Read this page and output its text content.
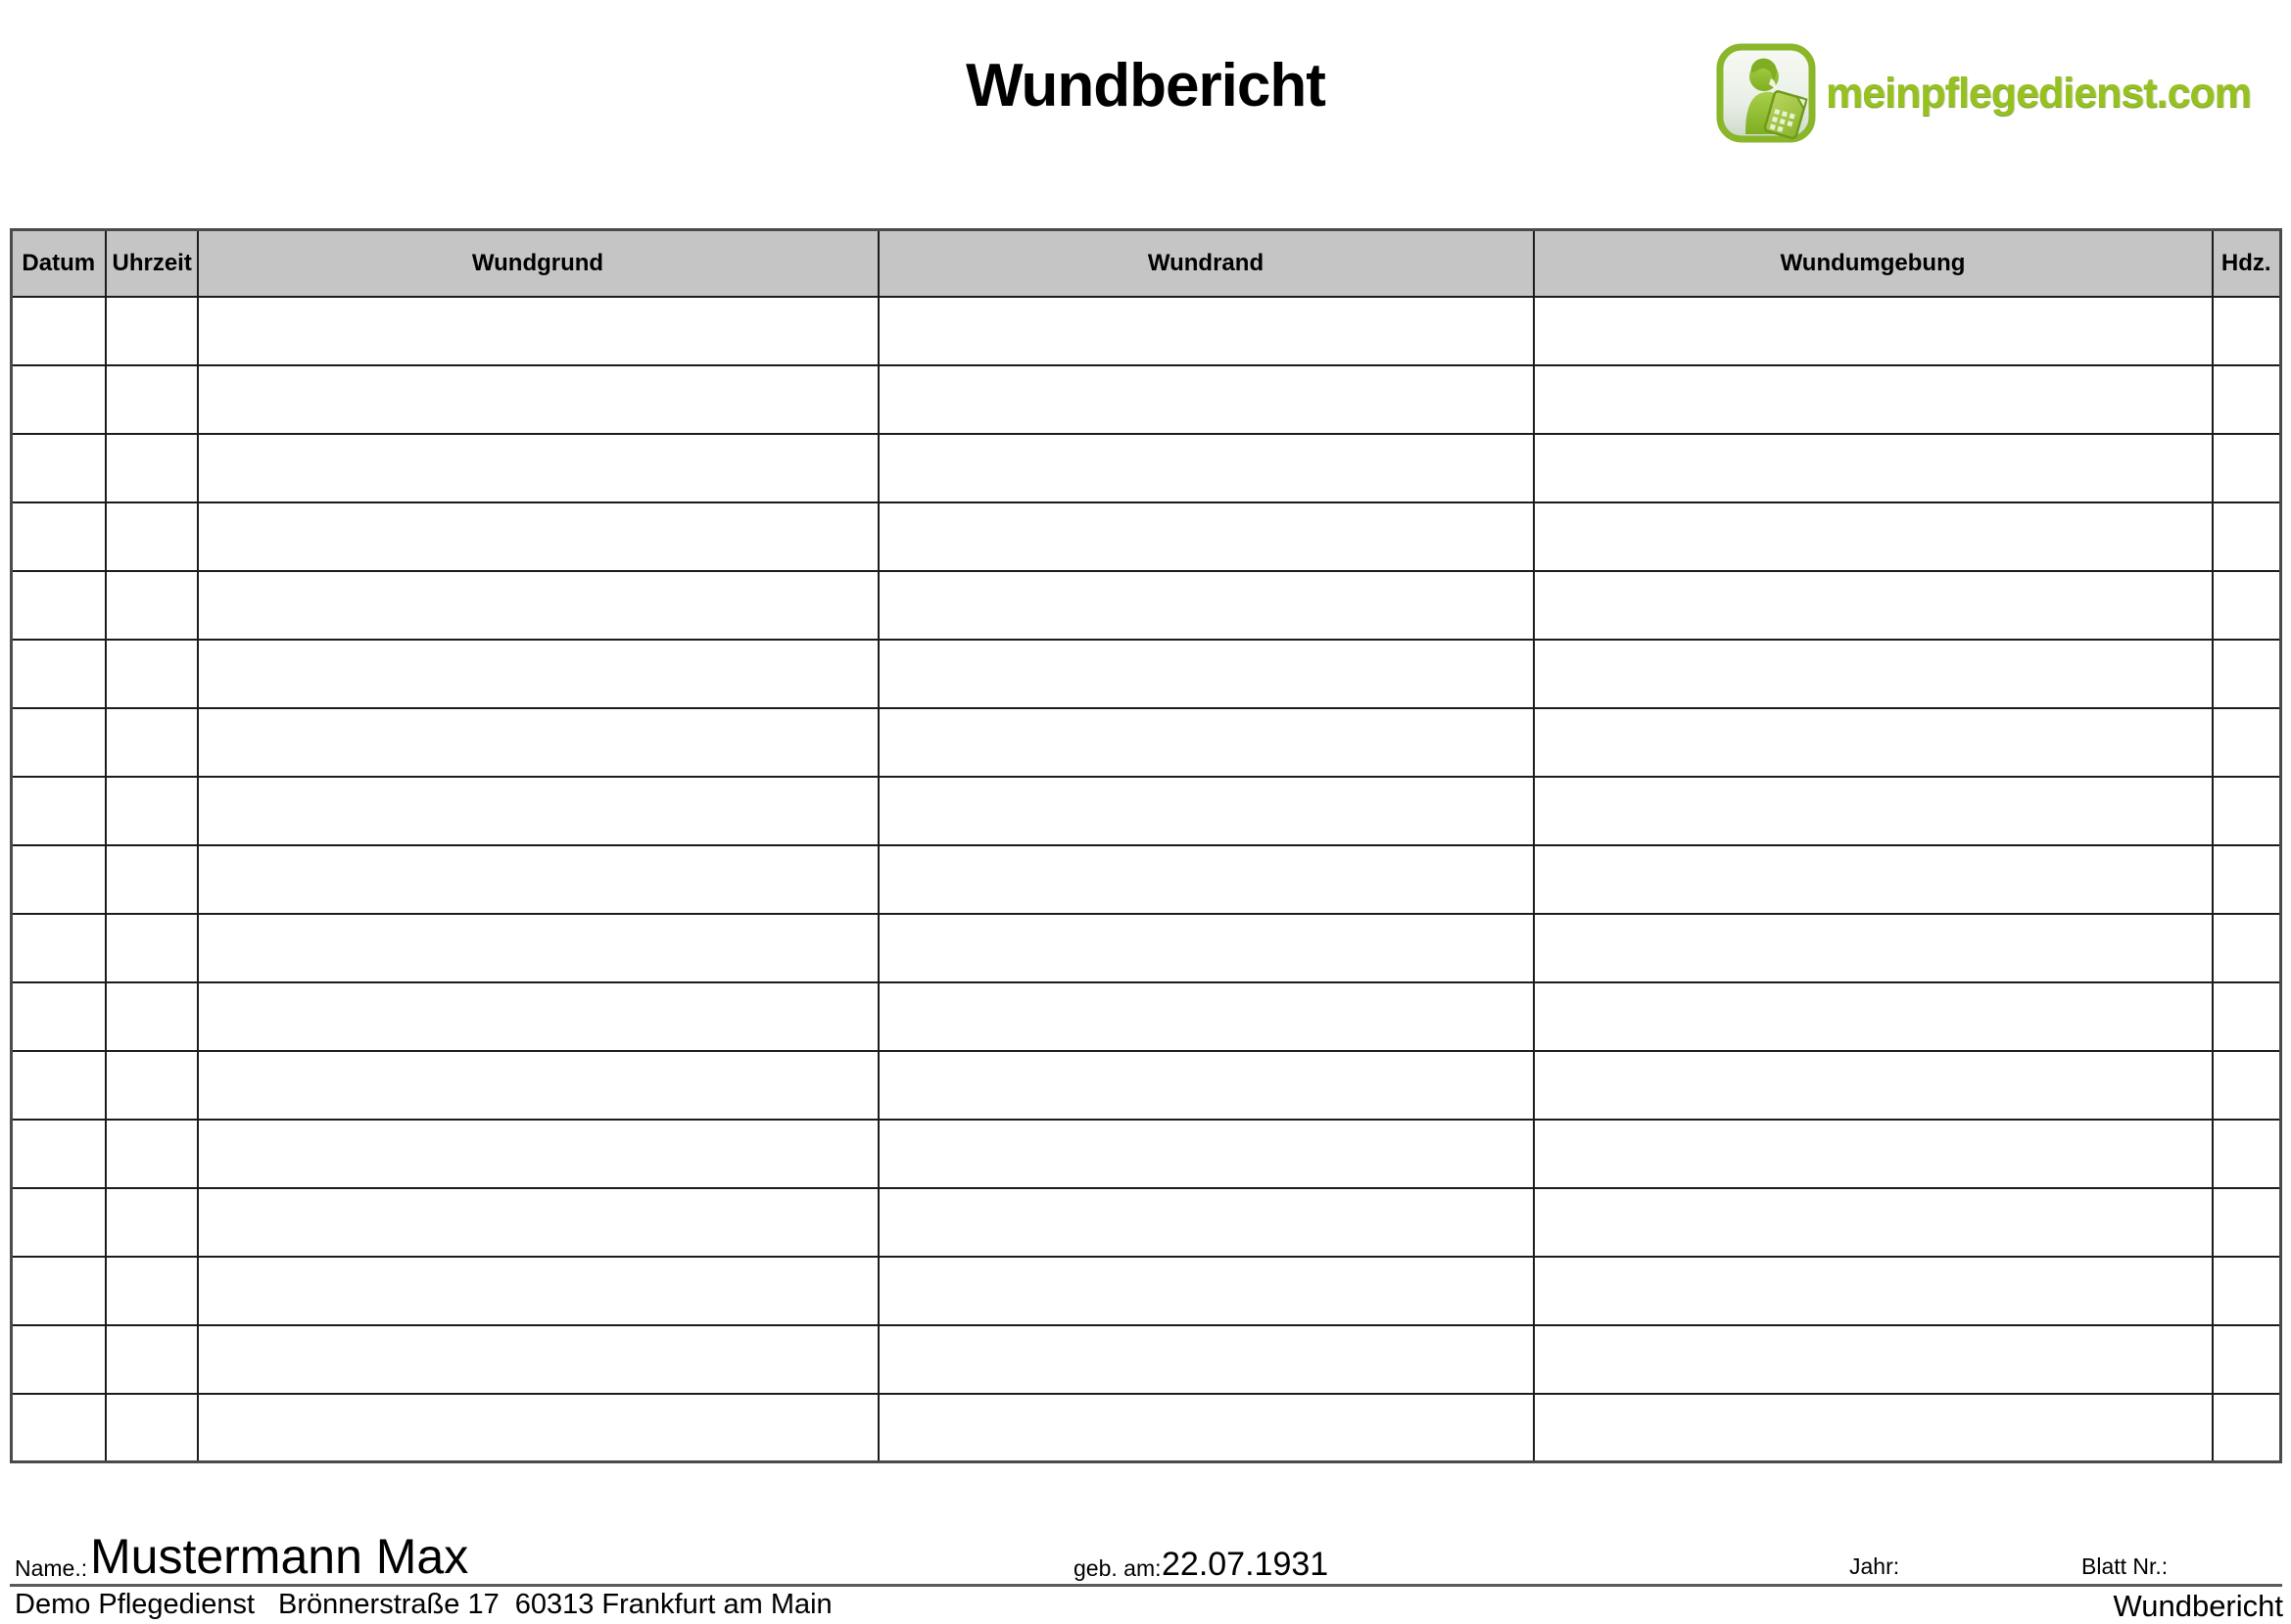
Wundbericht	meinpflegedienst.com
Datum	Uhrzeit	Wundgrund	Wundrand	Wundumgebung	Hdz.

Name.: Mustermann Max	geb. am: 22.07.1931	Jahr:	Blatt Nr.:
Demo Pflegedienst Brönnerstraße 17 60313 Frankfurt am Main	Wundbericht
